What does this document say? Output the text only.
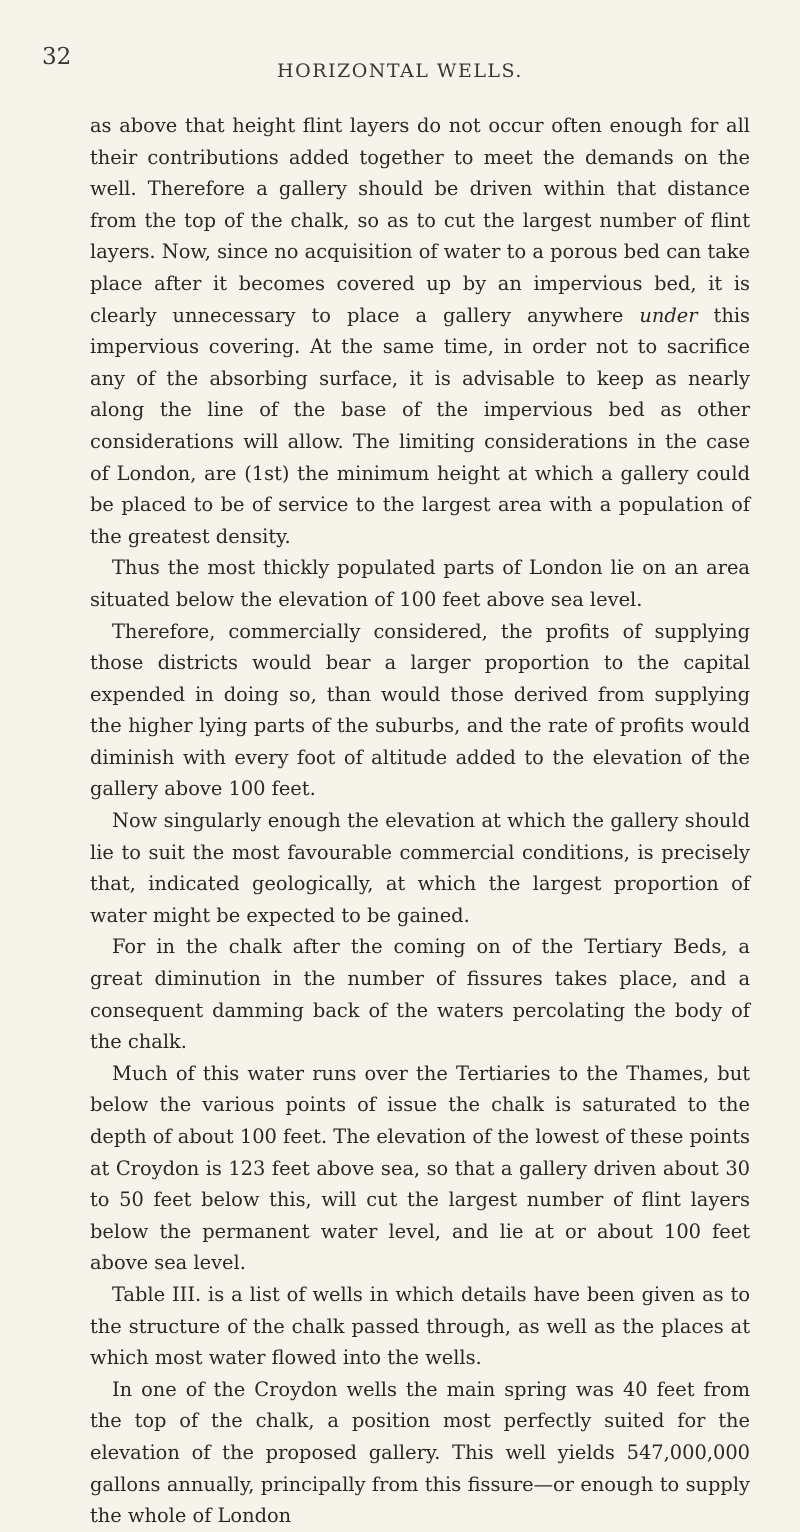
32
HORIZONTAL WELLS.

as above that height flint layers do not occur often enough for all their contributions added together to meet the demands on the well. Therefore a gallery should be driven within that distance from the top of the chalk, so as to cut the largest number of flint layers. Now, since no acquisition of water to a porous bed can take place after it becomes covered up by an impervious bed, it is clearly unnecessary to place a gallery anywhere under this impervious covering. At the same time, in order not to sacrifice any of the absorbing surface, it is advisable to keep as nearly along the line of the base of the impervious bed as other considerations will allow. The limiting considerations in the case of London, are (1st) the minimum height at which a gallery could be placed to be of service to the largest area with a population of the greatest density.

Thus the most thickly populated parts of London lie on an area situated below the elevation of 100 feet above sea level.

Therefore, commercially considered, the profits of supplying those districts would bear a larger proportion to the capital expended in doing so, than would those derived from supplying the higher lying parts of the suburbs, and the rate of profits would diminish with every foot of altitude added to the elevation of the gallery above 100 feet.

Now singularly enough the elevation at which the gallery should lie to suit the most favourable commercial conditions, is precisely that, indicated geologically, at which the largest proportion of water might be expected to be gained.

For in the chalk after the coming on of the Tertiary Beds, a great diminution in the number of fissures takes place, and a consequent damming back of the waters percolating the body of the chalk.

Much of this water runs over the Tertiaries to the Thames, but below the various points of issue the chalk is saturated to the depth of about 100 feet. The elevation of the lowest of these points at Croydon is 123 feet above sea, so that a gallery driven about 30 to 50 feet below this, will cut the largest number of flint layers below the permanent water level, and lie at or about 100 feet above sea level.

Table III. is a list of wells in which details have been given as to the structure of the chalk passed through, as well as the places at which most water flowed into the wells.

In one of the Croydon wells the main spring was 40 feet from the top of the chalk, a position most perfectly suited for the elevation of the proposed gallery. This well yields 547,000,000 gallons annually, principally from this fissure—or enough to supply the whole of London
